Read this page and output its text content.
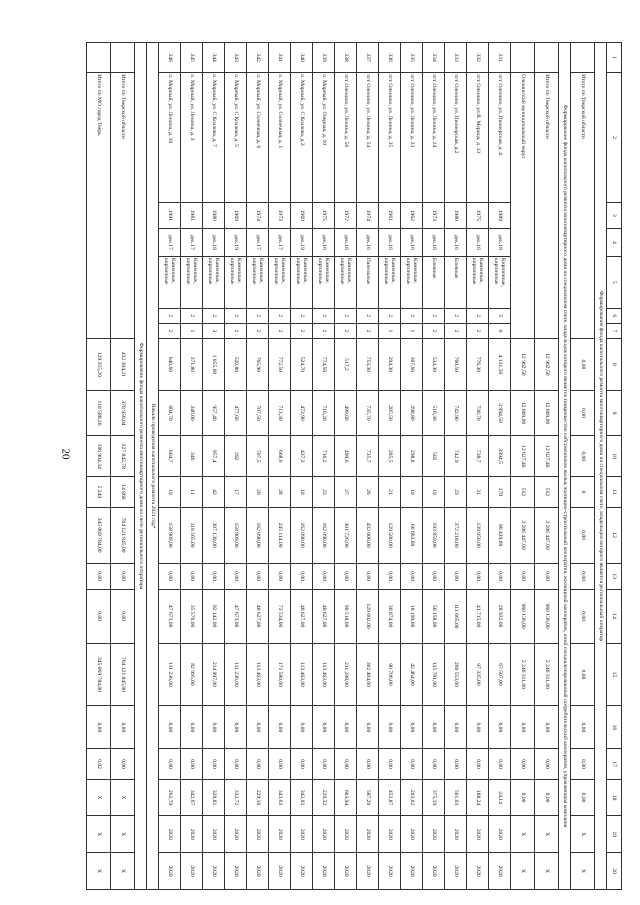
20
1	2	3	4	5	6	7	8	9	10	11	12	13	14	15	16	17	18	19	20
Формирование фонда капитального ремонта многоквартирного дома на специальном счете, владельцем которого является региональный оператор																			
	Итого по Тверской области						0,00	0,00	0,00	0	0,00	0,00	0,00	0,00	0,00	0,00	0,00	X	X
Формирование фонда капитального ремонта многоквартирного дома на специальном счете, владельцем которого является товарищество собственников жилья, жилищно-строительный кооператив, жилищный кооператив, иной специализированный потребительский кооператив, управляющая компания																			
	Итого по Тверской области						12 962,50	12 809,00	12 627,40	512	3 206 447,00	0,00	960 136,00	2 246 311,00	0,00	0,00	0,00	X	X
	Оленинский муниципальный округ						12 962,50	12 809,00	12 627,40	512	3 206 447,00	0,00	960 136,00	2 246 311,00	0,00	0,00	0,00	X	X
331	пгт Оленино, ул. Пионерская, д. 4	1989	дек.18	Кирпичные, кирпичные	5	6	4 131,50	3 994,50	3994,5	178	96 439,00	0,00	28 932,00	67 507,00	0,00	0,00	24,14	2020	2020
332	пгт Оленино, ул.Я. Мерица, д. 13	1975	дек.16	Каменные, кирпичные	2	2	776,30	738,70	738,7	31	139 050,00	0,00	41 715,00	97 335,00	0,00	0,00	188,24	2020	2020
333	пгт Оленино, ул. Пионерская, д.2	1980	дек.16	Блочные	2	2	760,50	742,90	742,9	23	372 218,00	0,00	111 665,00	260 553,00	0,00	0,00	501,03	2020	2020
334	пгт Оленино, ул. Ленина, д. 24	1973	дек.16	Блочные	2	2	534,30	516,30	502	19	193 859,00	0,00	58 158,00	135 701,00	0,00	0,00	375,19	2020	2020
335	пгт Оленино, ул. Ленина, д. 33	1962	дек.16	Каменные, кирпичные	2	1	307,60	298,80	298,8	19	60 663,00	0,00	18 199,00	42 464,00	0,00	0,00	203,02	2020	2020
336	пгт Оленино, ул. Ленина, д. 35	1961	дек.16	Каменные, кирпичные	2	1	294,30	285,50	285,5	21	129 580,00	0,00	38 874,00	90 706,00	0,00	0,00	453,87	2020	2020
337	пгт Оленино, ул. Ленина, д. 54	1974	дек.16	Панельные	2	2	753,30	735,70	735,7	26	432 006,00	0,00	129 602,00	302 404,00	0,00	0,00	587,20	2020	2020
338	пгт Оленино, ул. Ленина, д. 56	1972	дек.16	Каменные, кирпичные	2	2	517,2	499,60	499,6	27	301 726,00	0,00	90 518,00	211 208,00	0,00	0,00	603,94	2020	2020
339	п. Мирный, ул. Озерная, д. 10	1975	дек.16	Каменные, кирпичные	2	2	774,50	716,20	716,2	23	162 090,00	0,00	48 627,00	113 463,00	0,00	0,00	226,32	2020	2020
340	п. Мирный, ул. С Козлова, д.3	1969	дек.19	Каменные, кирпичные	2	2	524,70	473,90	437,3	18	162 090,00	0,00	48 627,00	113 463,00	0,00	0,00	342,03	2020	2020
341	п. Мирный, ул. Солнечная, д. 1	1973	дек.17	Каменные, кирпичные	2	2	772,50	713,30	668,6	28	245 114,00	0,00	73 534,00	171 580,00	0,00	0,00	343,63	2020	2020
342	п. Мирный, ул. Солнечная, д. 6	1974	дек.17	Каменные, кирпичные	2	2	765,90	707,50	707,5	20	162 090,00	0,00	48 627,00	113 463,00	0,00	0,00	229,10	2020	2020
343	п. Мирный, ул. С Козлова, д. 5	1969	дек.19	Каменные, кирпичные	2	2	520,80	477,60	392	17	158 909,00	0,00	47 673,00	111 236,00	0,00	0,00	332,72	2020	2020
344	п. Мирный, ул. С Козлова, д. 7	1980	дек.18	Каменные, кирпичные	2	3	1 055,00	957,40	957,4	42	307 139,00	0,00	92 142,00	214 997,00	0,00	0,00	320,81	2020	2020
345	п. Мирный, ул. Ленина, д. 3	1981	дек.17	Каменные, кирпичные	2	1	371,80	346,00	346	11	118 565,00	0,00	35 570,00	82 995,00	0,00	0,00	342,67	2020	2020
346	п. Мирный, ул. Ленина, д. 10	1991	дек.17	Каменные, кирпичные	2	2	640,60	604,70	604,7	19	158 909,00	0,00	47 673,00	111 236,00	0,00	0,00	262,79	2020	2020
Начало проведения капитального ремонта 2021 год*																			
Формирование фонда капитального ремонта многоквартирного дома на счете регионального оператора																			
	Итого по Тверской области						432 304,21	378 956,04	327 842,78	14 860	764 121 845,00	0,00	0,00	764 121 845,00	0,00	0,00	X	X	X
	Итого по МО город Тверь						129 355,20	118 588,20	106 904,34	5 249	345 069 784,00	0,00	0,00	345 069 784,00	0,00	0,02	X	X	X
